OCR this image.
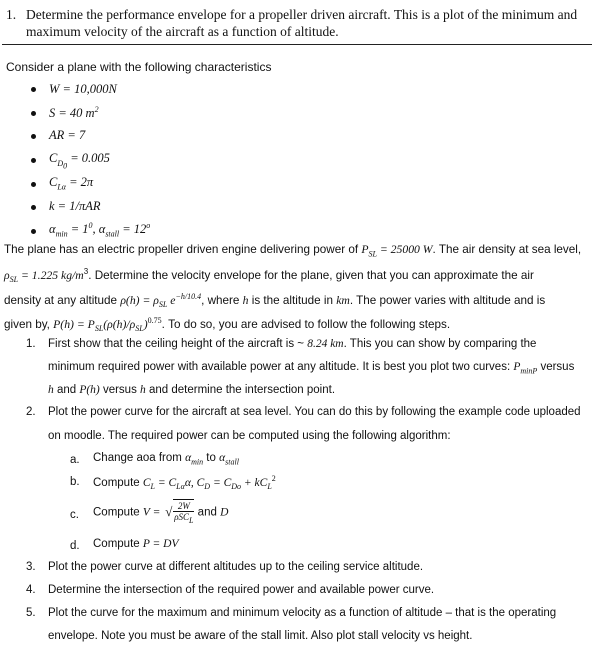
1. Determine the performance envelope for a propeller driven aircraft. This is a plot of the minimum and maximum velocity of the aircraft as a function of altitude.
Consider a plane with the following characteristics
W = 10,000N
S = 40 $m^2$
AR = 7
$C_{D_0} = 0.005$
$C_{L\alpha} = 2\pi$
k = 1/πAR
$\alpha_{min} = 1^0$, $\alpha_{stall} = 12^o$
The plane has an electric propeller driven engine delivering power of $P_{SL} = 25000$ W. The air density at sea level,
$\rho_{SL} = 1.225$ $kg/m^3$. Determine the velocity envelope for the plane, given that you can approximate the air
density at any altitude $\rho(h) = \rho_{SL}$ $e^{-h/10.4}$, where h is the altitude in km. The power varies with altitude and is
given by, $P(h) = P_{SL}(\rho(h)/\rho_{SL})^{0.75}$. To do so, you are advised to follow the following steps.
1. First show that the ceiling height of the aircraft is ~ 8.24 km. This you can show by comparing the
minimum required power with available power at any altitude. It is best you plot two curves: $P_{minP}$ versus
h and P(h) versus h and determine the intersection point.
2. Plot the power curve for the aircraft at sea level. You can do this by following the example code uploaded
on moodle. The required power can be computed using the following algorithm:
a. Change aoa from $\alpha_{min}$ to $\alpha_{stall}$
b. Compute $C_L = C_{L\alpha}\alpha$, $C_D = C_{Do} + kC_L^2$
c. Compute V =
√ $\frac{2W}{\rho SC_L}$ and D
d. Compute P = DV
3. Plot the power curve at different altitudes up to the ceiling service altitude.
4. Determine the intersection of the required power and available power curve.
5. Plot the curve for the maximum and minimum velocity as a function of altitude – that is the operating
envelope. Note you must be aware of the stall limit. Also plot stall velocity vs height.
